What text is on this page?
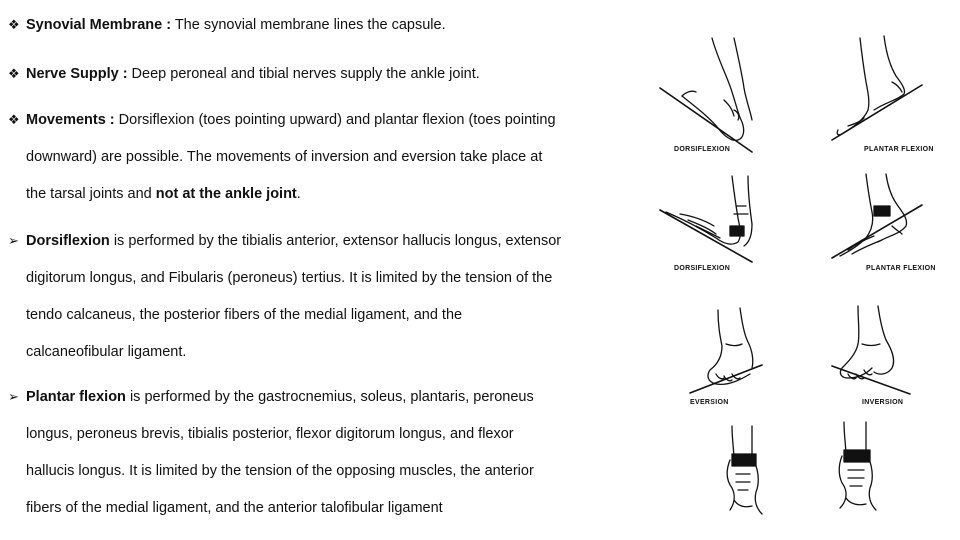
❖ Synovial Membrane : The synovial membrane lines the capsule.
❖ Nerve Supply : Deep peroneal and tibial nerves supply the ankle joint.
❖ Movements : Dorsiflexion (toes pointing upward) and plantar flexion (toes pointing
downward) are possible. The movements of inversion and eversion take place at
the tarsal joints and not at the ankle joint.
➢ Dorsiflexion is performed by the tibialis anterior, extensor hallucis longus, extensor
digitorum longus, and Fibularis (peroneus) tertius. It is limited by the tension of the
tendo calcaneus, the posterior fibers of the medial ligament, and the
calcaneofibular ligament.
➢ Plantar flexion is performed by the gastrocnemius, soleus, plantaris, peroneus
longus, peroneus brevis, tibialis posterior, flexor digitorum longus, and flexor
hallucis longus. It is limited by the tension of the opposing muscles, the anterior
fibers of the medial ligament, and the anterior talofibular ligament
DORSIFLEXION	PLANTAR FLEXION
DORSIFLEXION	PLANTAR FLEXION
EVERSION	INVERSION
